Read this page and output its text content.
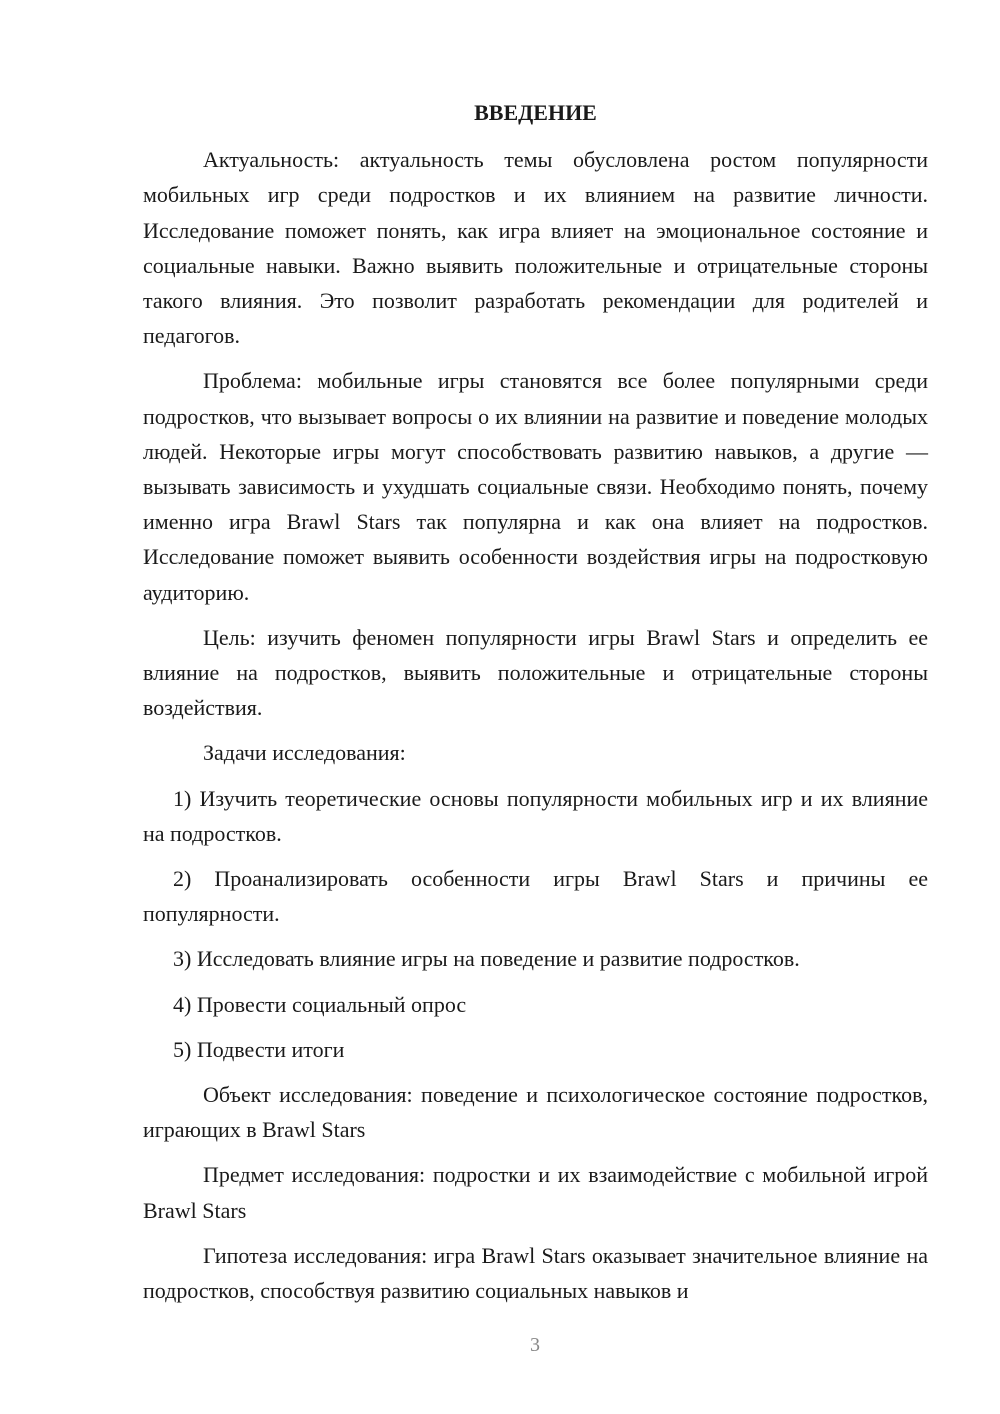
ВВЕДЕНИЕ

Актуальность: актуальность темы обусловлена ростом популярности мобильных игр среди подростков и их влиянием на развитие личности. Исследование поможет понять, как игра влияет на эмоциональное состояние и социальные навыки. Важно выявить положительные и отрицательные стороны такого влияния. Это позволит разработать рекомендации для родителей и педагогов.

Проблема: мобильные игры становятся все более популярными среди подростков, что вызывает вопросы о их влиянии на развитие и поведение молодых людей. Некоторые игры могут способствовать развитию навыков, а другие — вызывать зависимость и ухудшать социальные связи. Необходимо понять, почему именно игра Brawl Stars так популярна и как она влияет на подростков. Исследование поможет выявить особенности воздействия игры на подростковую аудиторию.

Цель: изучить феномен популярности игры Brawl Stars и определить ее влияние на подростков, выявить положительные и отрицательные стороны воздействия.

Задачи исследования:

1) Изучить теоретические основы популярности мобильных игр и их влияние на подростков.

2) Проанализировать особенности игры Brawl Stars и причины ее популярности.

3) Исследовать влияние игры на поведение и развитие подростков.

4) Провести социальный опрос

5) Подвести итоги

Объект исследования: поведение и психологическое состояние подростков, играющих в Brawl Stars

Предмет исследования: подростки и их взаимодействие с мобильной игрой Brawl Stars

Гипотеза исследования: игра Brawl Stars оказывает значительное влияние на подростков, способствуя развитию социальных навыков и

3
